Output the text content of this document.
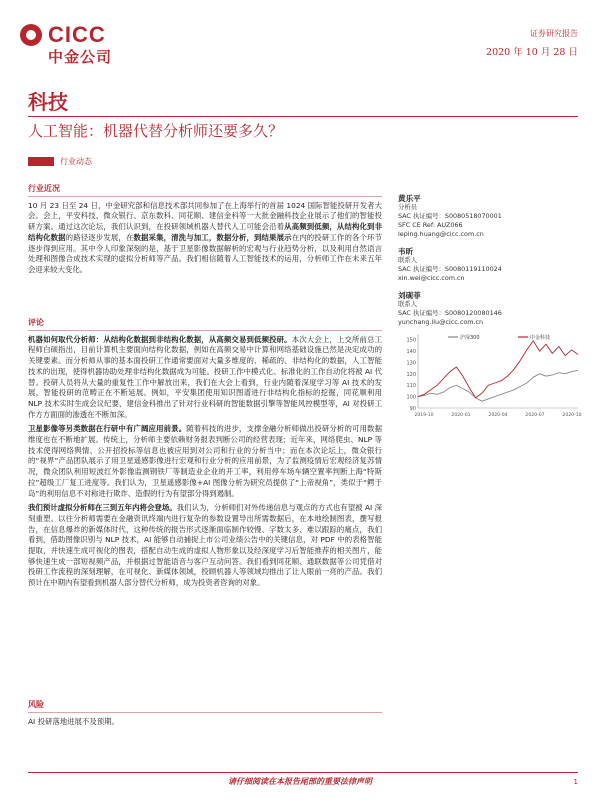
CICC
中金公司
证券研究报告
2020 年 10 月 28 日
科技
人工智能：机器代替分析师还要多久？
行业动态
行业近况

10 月 23 日至 24 日，中金研究部和信息技术部共同参加了在上海举行的首届 1024 国际智能投研开发者大会。会上，平安科技、微众银行、京东数科、同花顺、建信金科等一大批金融科技企业展示了他们的智能投研方案。通过这次论坛，我们认识到，在投研领域机器人替代人工可能会沿着从高频到低频，从结构化到非结构化数据的路径逐步发展，在数据采集，清洗与加工，数据分析，到结果展示在内的投研工作的各个环节逐步得到应用。其中令人印象深刻的是，基于卫星影像数据解析的宏观与行业趋势分析，以及利用自然语言处理和图像合成技术实现的虚拟分析师等产品。我们相信随着人工智能技术的运用，分析师工作在未来五年会迎来较大变化。

评论

机器如何取代分析师：从结构化数据到非结构化数据，从高频交易到低频投研。本次大会上，上交所前总工程师白硕指出，目前计算机主要面向结构化数据，例如在高频交易中计算和网络基础设施已然是决定成功的关键要素。而分析师从事的基本面投研工作通常要面对大量多维度的、稀疏的、非结构化的数据，人工智能技术的出现，使得机器协助处理非结构化数据成为可能。投研工作中模式化、标准化的工作自动化将被 AI 代替。投研人员将从大量的重复性工作中解放出来，我们在大会上看到，行业内随着深度学习等 AI 技术的发展，智能投研的范畴正在不断延展。例如，平安集团使用知识图谱进行非结构化指标的挖掘，同花顺利用 NLP 技术实时生成会议纪要，建信金科推出了针对行业科研的智能数据引擎等智能风控模型等，AI 对投研工作方方面面的渗透在不断加深。

卫星影像等另类数据在行研中有广阔应用前景。随着科技的进步，支撑金融分析师做出投研分析的可用数据维度也在不断地扩展。传统上，分析师主要依赖财务报表判断公司的经营表现；近年来，网络爬虫、NLP 等技术使得网络舆情、公开招投标等信息也被应用到对公司和行业的分析当中；而在本次论坛上，微众银行的“视界”产品团队展示了用卫星遥感影像进行宏观和行业分析的应用前景，为了监测疫情后宏观经济复苏情况，微众团队利用短波红外影像监测钢铁厂等制造业企业的开工率，利用停车场车辆空置率判断上海“特斯拉”超级工厂复工进度等。我们认为，卫星遥感影像+AI 图像分析为研究员提供了“上帝视角”，类似于“鳄于岛”的利用信息不对称进行欺诈、造假的行为有望部分得到遏制。

我们预计虚拟分析师在三到五年内将会登场。我们认为，分析师们对外传递信息与观点的方式也有望被 AI 深刻重塑。以往分析师需要在金融资讯终端内进行复杂的参数设置导出所需数据后，在本地绘制图表，撰写报告，在信息爆炸的新媒体时代，这种传统的报告形式逐渐面临制作较慢、字数太多、难以跟踪的痛点，我们看到，借助图像识别与 NLP 技术，AI 能够自动捕捉上市公司业绩公告中的关键信息，对 PDF 中的表格智能提取，并快速生成可视化的图表，搭配自动生成的虚拟人物形象以及经深度学习后智能推荐的相关图片，能够快速生成一部短视频产品，并根据过智能语音与客户互动问答。我们看到同花顺、通联数据等公司凭借对投研工作流程的深刻理解，在可视化、新媒体领域，投顾机器人等领域均推出了让人眼前一亮的产品。我们预计在中期内有望看到机器人部分替代分析师，成为投资者咨询的对象。

风险

AI 投研落地进展不及预期。

黄乐平
分析员
SAC 执证编号：S0080518070001
SFC CE Ref: AUZ066
leping.huang@cicc.com.cn
韦昕
联系人
SAC 执证编号：S0080119110024
xin.wei@cicc.com.cn
刘砚菲
联系人
SAC 执证编号：S0080120080146
yunchang.liu@cicc.com.cn
150
140
130
120
110
100
90
2019-10	2020-01	2020-04	2020-07	2020-10
沪深300	中金科技
请仔细阅读在本报告尾部的重要法律声明	1
